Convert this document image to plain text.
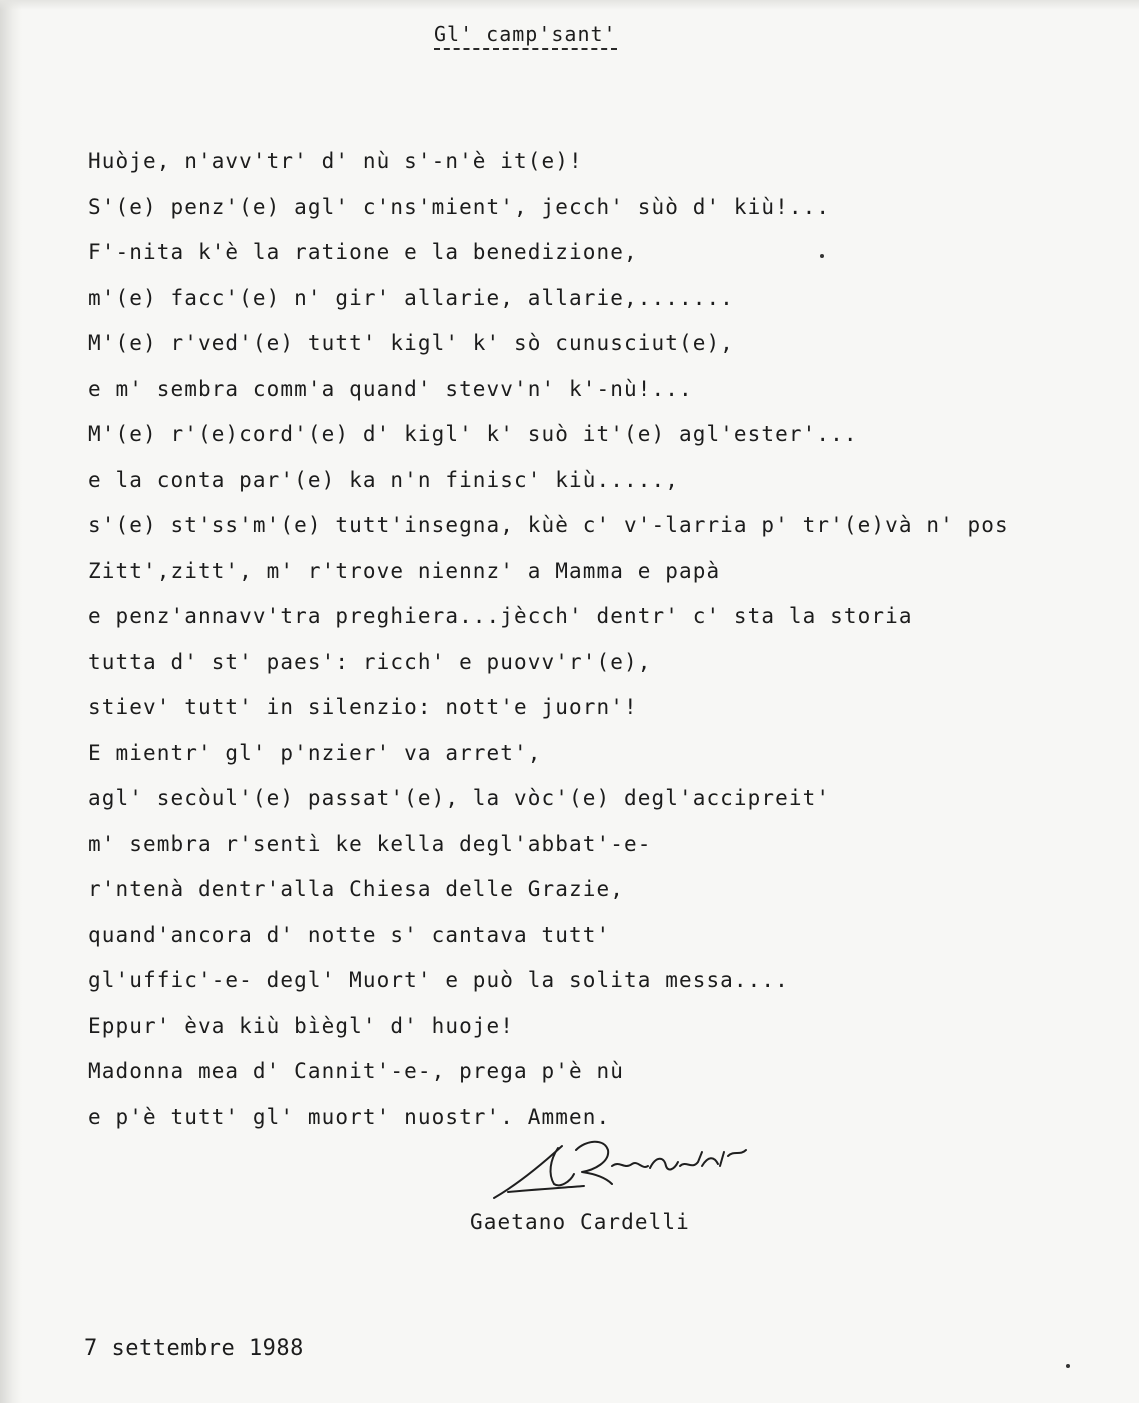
Gl' camp'sant'
Huòje, n'avv'tr' d' nù s'-n'è it(e)!
S'(e) penz'(e) agl' c'ns'mient', jecch' sùò d' kiù!...
F'-nita k'è la ratione e la benedizione,
m'(e) facc'(e) n' gir' allarie, allarie,.......
M'(e) r'ved'(e) tutt' kigl' k' sò cunusciut(e),
e m' sembra comm'a quand' stevv'n' k'-nù!...
M'(e) r'(e)cord'(e) d' kigl' k' suò it'(e) agl'ester'...
e la conta par'(e) ka n'n finisc' kiù.....,
s'(e) st'ss'm'(e) tutt'insegna, kùè c' v'-larria p' tr'(e)và n' pos
Zitt',zitt', m' r'trove niennz' a Mamma e papà
e penz'annavv'tra preghiera...jècch' dentr' c' sta la storia
tutta d' st' paes': ricch' e puovv'r'(e),
stiev' tutt' in silenzio: nott'e juorn'!
E mientr' gl' p'nzier' va arret',
agl' secòul'(e) passat'(e), la vòc'(e) degl'accipreit'
m' sembra r'sentì ke kella degl'abbat'-e-
r'ntenà dentr'alla Chiesa delle Grazie,
quand'ancora d' notte s' cantava tutt'
gl'uffic'-e- degl' Muort' e può la solita messa....
Eppur' èva kiù bìègl' d' huoje!
Madonna mea d' Cannit'-e-, prega p'è nù
e p'è tutt' gl' muort' nuostr'. Ammen.
Gaetano Cardelli
7 settembre 1988
